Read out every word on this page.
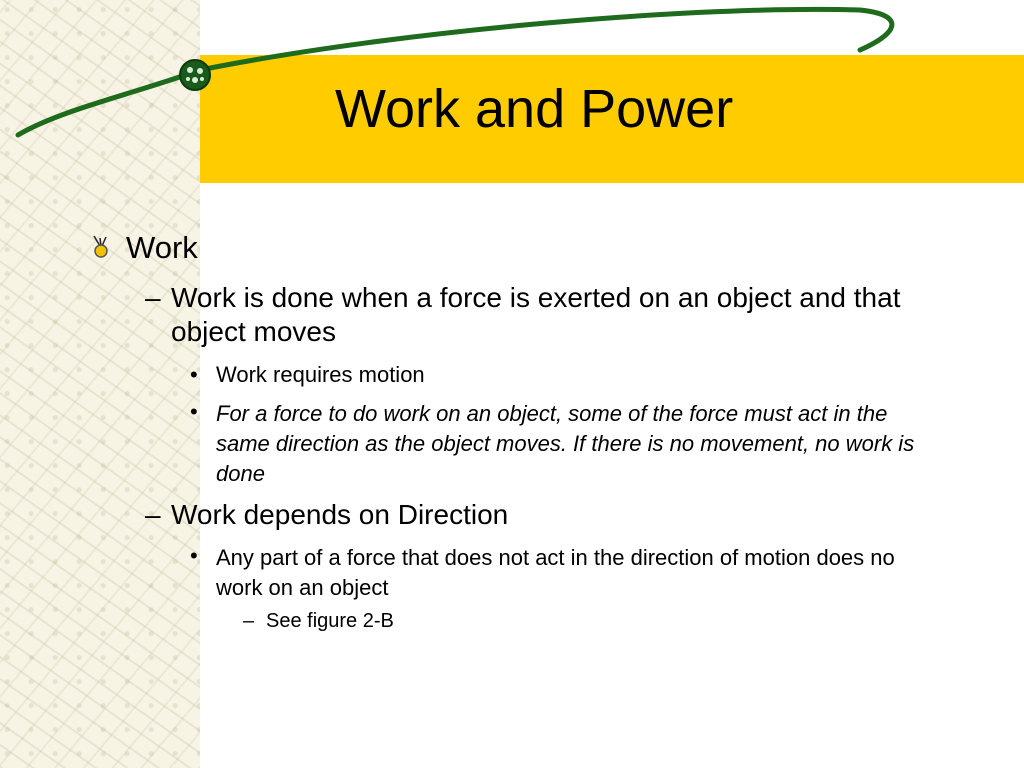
Work and Power

Work

– Work is done when a force is exerted on an object and that object moves

• Work requires motion

• For a force to do work on an object, some of the force must act in the same direction as the object moves. If there is no movement, no work is done

– Work depends on Direction

• Any part of a force that does not act in the direction of motion does no work on an object

– See figure 2-B
